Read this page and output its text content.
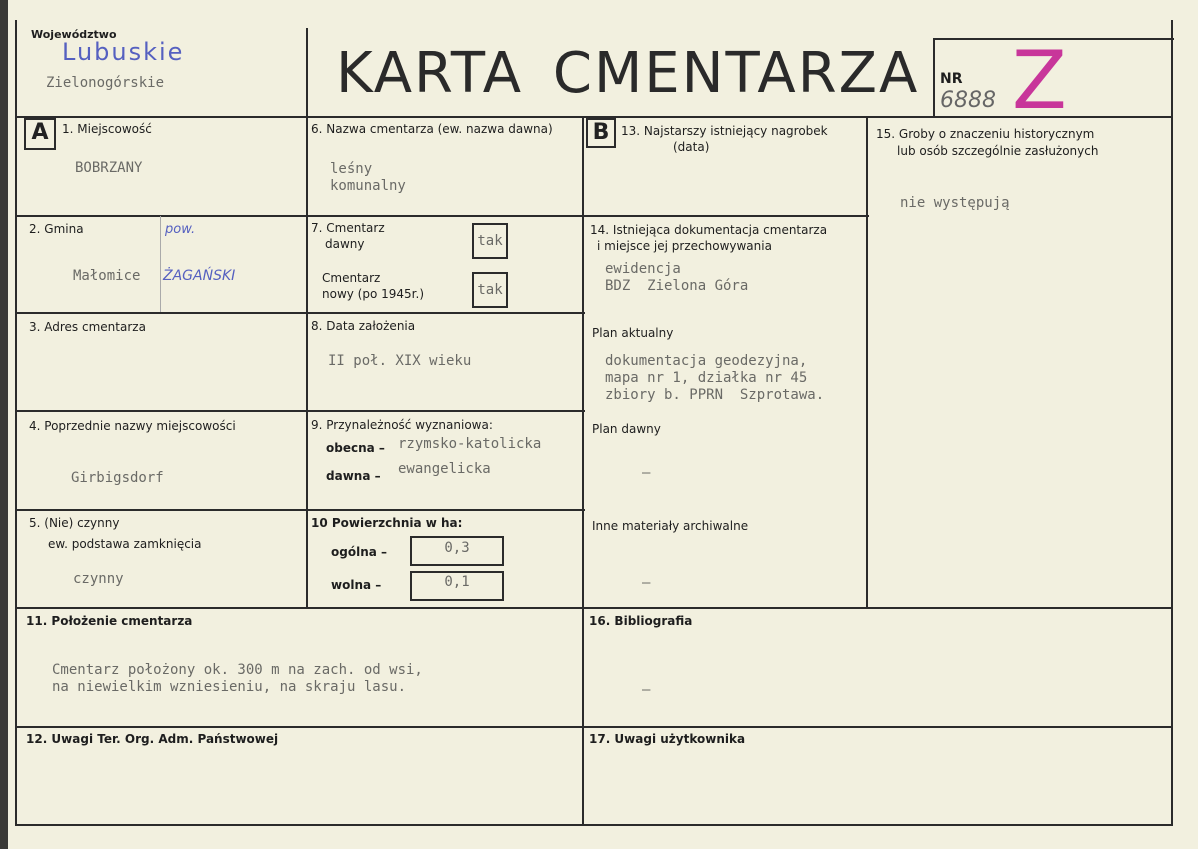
Województwo
Lubuskie
Zielonogórskie	KARTA CMENTARZA NR
6888 Z
A	B
1. Miejscowość
BOBRZANY
2. Gmina	pow.
Małomice ŻAGAŃSKI
3. Adres cmentarza
4. Poprzednie nazwy miejscowości
Girbigsdorf
5. (Nie) czynny
ew. podstawa zamknięcia
czynny
6. Nazwa cmentarza (ew. nazwa dawna)
leśny
komunalny
7. Cmentarz
dawny	tak
Cmentarz
nowy (po 1945r.)	tak
8. Data założenia
II poł. XIX wieku
9. Przynależność wyznaniowa:
obecna – rzymsko-katolicka
dawna – ewangelicka
10 Powierzchnia w ha:
ogólna –	0,3
wolna –	0,1
13. Najstarszy istniejący nagrobek
(data)
14. Istniejąca dokumentacja cmentarza
i miejsce jej przechowywania
ewidencja
BDZ  Zielona Góra
Plan aktualny
dokumentacja geodezyjna,
mapa nr 1, działka nr 45
zbiory b. PPRN  Szprotawa.
Plan dawny
–
Inne materiały archiwalne
–
15. Groby o znaczeniu historycznym
lub osób szczególnie zasłużonych
nie występują
11. Położenie cmentarza
Cmentarz położony ok. 300 m na zach. od wsi,
na niewielkim wzniesieniu, na skraju lasu.
16. Bibliografia
–
12. Uwagi Ter. Org. Adm. Państwowej	17. Uwagi użytkownika
